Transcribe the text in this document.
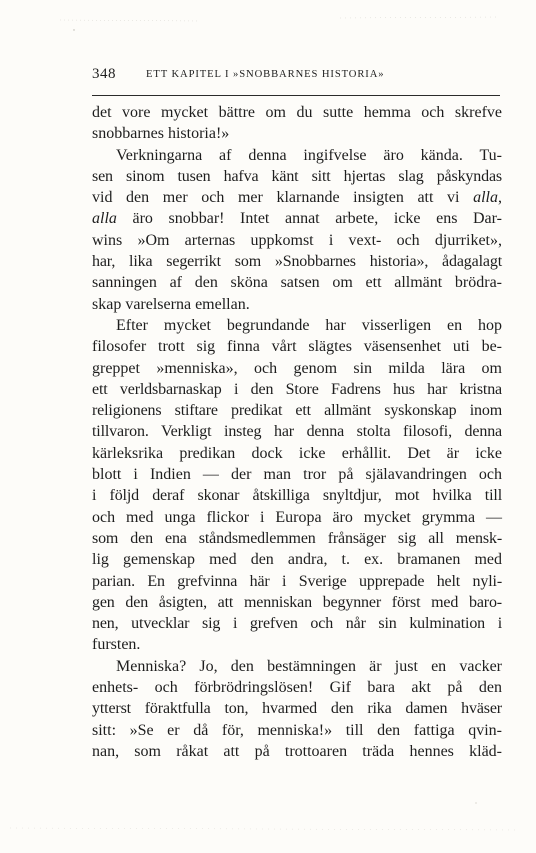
348	ETT KAPITEL I »SNOBBARNES HISTORIA»
det vore mycket bättre om du sutte hemma och skrefve
snobbarnes historia!»
Verkningarna af denna ingifvelse äro kända. Tu-
sen sinom tusen hafva känt sitt hjertas slag påskyndas
vid den mer och mer klarnande insigten att vi alla,
alla äro snobbar! Intet annat arbete, icke ens Dar-
wins »Om arternas uppkomst i vext- och djurriket»,
har, lika segerrikt som »Snobbarnes historia», ådagalagt
sanningen af den sköna satsen om ett allmänt brödra-
skap varelserna emellan.
Efter mycket begrundande har visserligen en hop
filosofer trott sig finna vårt slägtes väsensenhet uti be-
greppet »menniska», och genom sin milda lära om
ett verldsbarnaskap i den Store Fadrens hus har kristna
religionens stiftare predikat ett allmänt syskonskap inom
tillvaron. Verkligt insteg har denna stolta filosofi, denna
kärleksrika predikan dock icke erhållit. Det är icke
blott i Indien — der man tror på själavandringen och
i följd deraf skonar åtskilliga snyltdjur, mot hvilka till
och med unga flickor i Europa äro mycket grymma —
som den ena ståndsmedlemmen frånsäger sig all mensk-
lig gemenskap med den andra, t. ex. bramanen med
parian. En grefvinna här i Sverige upprepade helt nyli-
gen den åsigten, att menniskan begynner först med baro-
nen, utvecklar sig i grefven och når sin kulmination i
fursten.
Menniska? Jo, den bestämningen är just en vacker
enhets- och förbrödringslösen! Gif bara akt på den
ytterst föraktfulla ton, hvarmed den rika damen hväser
sitt: »Se er då för, menniska!» till den fattiga qvin-
nan, som råkat att på trottoaren träda hennes kläd-
